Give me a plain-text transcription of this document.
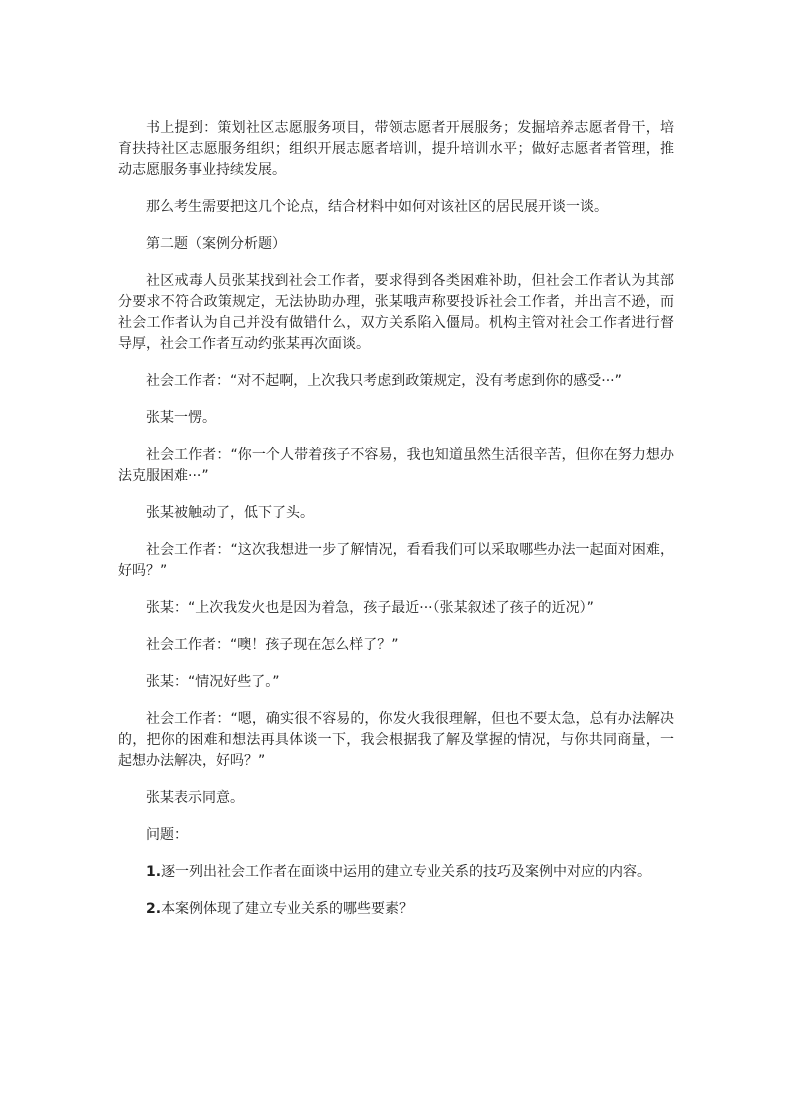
书上提到：策划社区志愿服务项目，带领志愿者开展服务；发掘培养志愿者骨干，培育扶持社区志愿服务组织；组织开展志愿者培训，提升培训水平；做好志愿者者管理，推动志愿服务事业持续发展。

那么考生需要把这几个论点，结合材料中如何对该社区的居民展开谈一谈。

第二题（案例分析题）

社区戒毒人员张某找到社会工作者，要求得到各类困难补助，但社会工作者认为其部分要求不符合政策规定，无法协助办理，张某哦声称要投诉社会工作者，并出言不逊，而社会工作者认为自己并没有做错什么，双方关系陷入僵局。机构主管对社会工作者进行督导厚，社会工作者互动约张某再次面谈。

社会工作者：“对不起啊，上次我只考虑到政策规定，没有考虑到你的感受···”

张某一愣。

社会工作者：“你一个人带着孩子不容易，我也知道虽然生活很辛苦，但你在努力想办法克服困难···”

张某被触动了，低下了头。

社会工作者：“这次我想进一步了解情况，看看我们可以采取哪些办法一起面对困难，好吗？”

张某：“上次我发火也是因为着急，孩子最近···（张某叙述了孩子的近况）”

社会工作者：“噢！孩子现在怎么样了？”

张某：“情况好些了。”

社会工作者：“嗯，确实很不容易的，你发火我很理解，但也不要太急，总有办法解决的，把你的困难和想法再具体谈一下，我会根据我了解及掌握的情况，与你共同商量，一起想办法解决，好吗？”

张某表示同意。

问题：

1.逐一列出社会工作者在面谈中运用的建立专业关系的技巧及案例中对应的内容。

2.本案例体现了建立专业关系的哪些要素？
